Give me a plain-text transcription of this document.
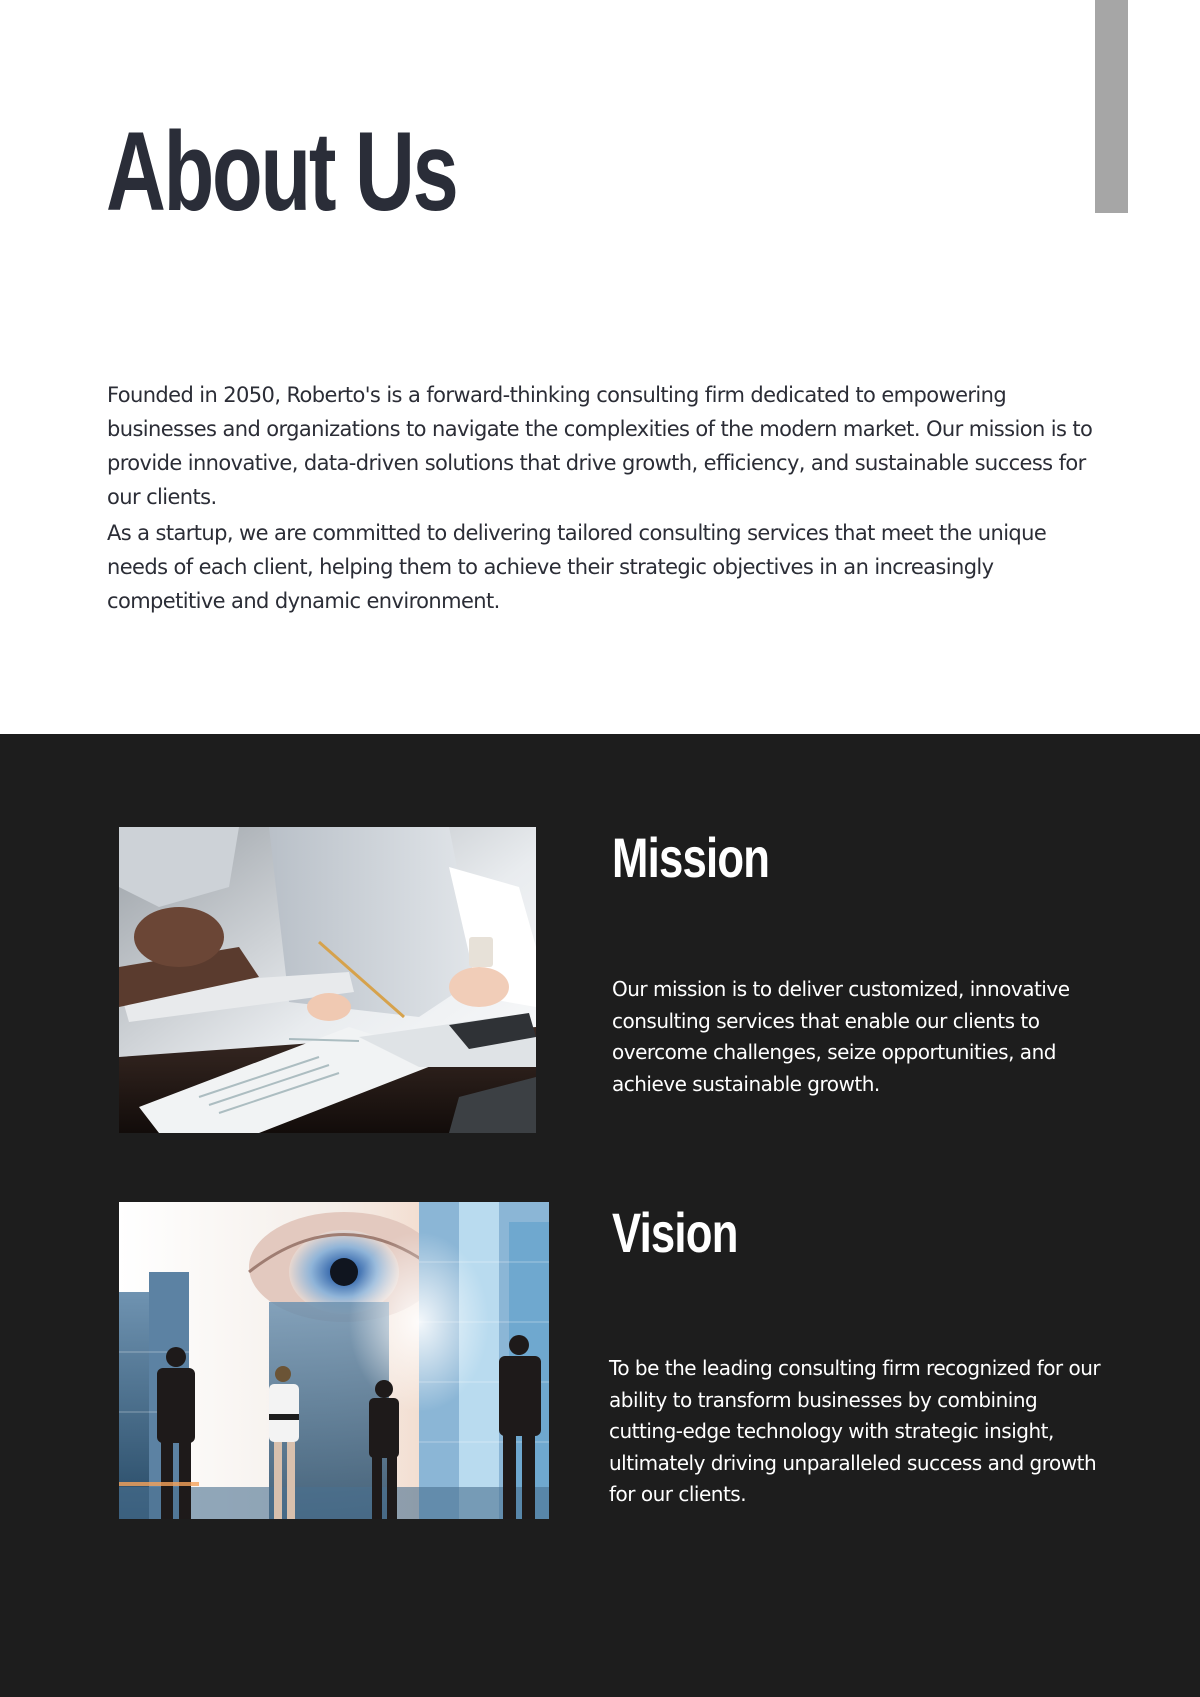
About Us

Founded in 2050, Roberto's is a forward-thinking consulting firm dedicated to empowering businesses and organizations to navigate the complexities of the modern market. Our mission is to provide innovative, data-driven solutions that drive growth, efficiency, and sustainable success for our clients.

As a startup, we are committed to delivering tailored consulting services that meet the unique needs of each client, helping them to achieve their strategic objectives in an increasingly competitive and dynamic environment.

Mission

Our mission is to deliver customized, innovative consulting services that enable our clients to overcome challenges, seize opportunities, and achieve sustainable growth.

Vision

To be the leading consulting firm recognized for our ability to transform businesses by combining cutting-edge technology with strategic insight, ultimately driving unparalleled success and growth for our clients.
